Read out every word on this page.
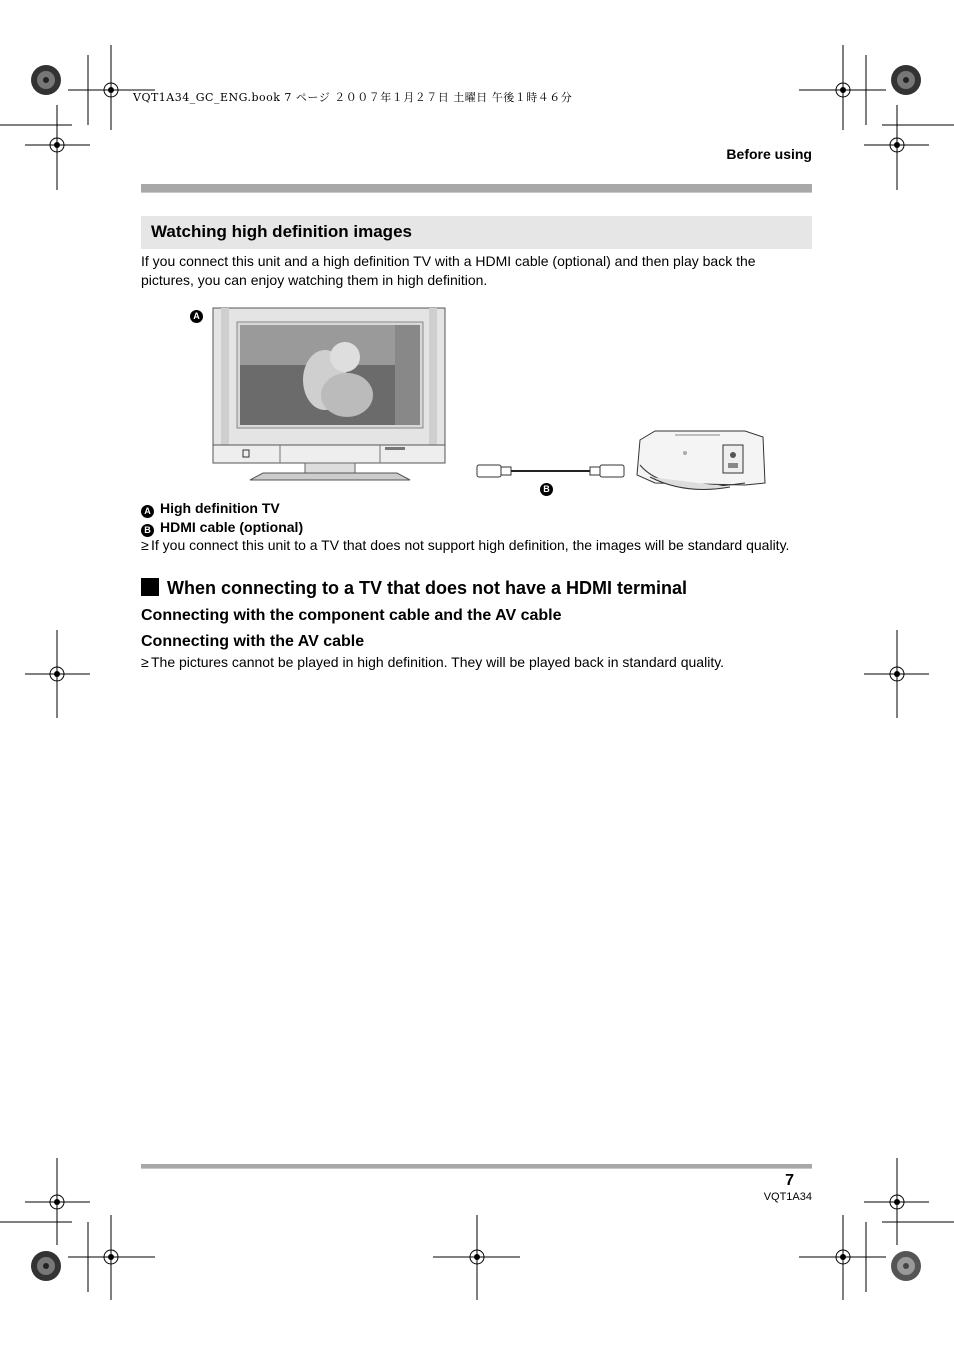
VQT1A34_GC_ENG.book 7 ページ ２００７年１月２７日 土曜日 午後１時４６分
Before using
Watching high definition images
If you connect this unit and a high definition TV with a HDMI cable (optional) and then play back the pictures, you can enjoy watching them in high definition.
A
B
A High definition TV
B HDMI cable (optional)
≥ If you connect this unit to a TV that does not support high definition, the images will be standard quality.
When connecting to a TV that does not have a HDMI terminal
Connecting with the component cable and the AV cable
Connecting with the AV cable
≥ The pictures cannot be played in high definition. They will be played back in standard quality.
7
VQT1A34
